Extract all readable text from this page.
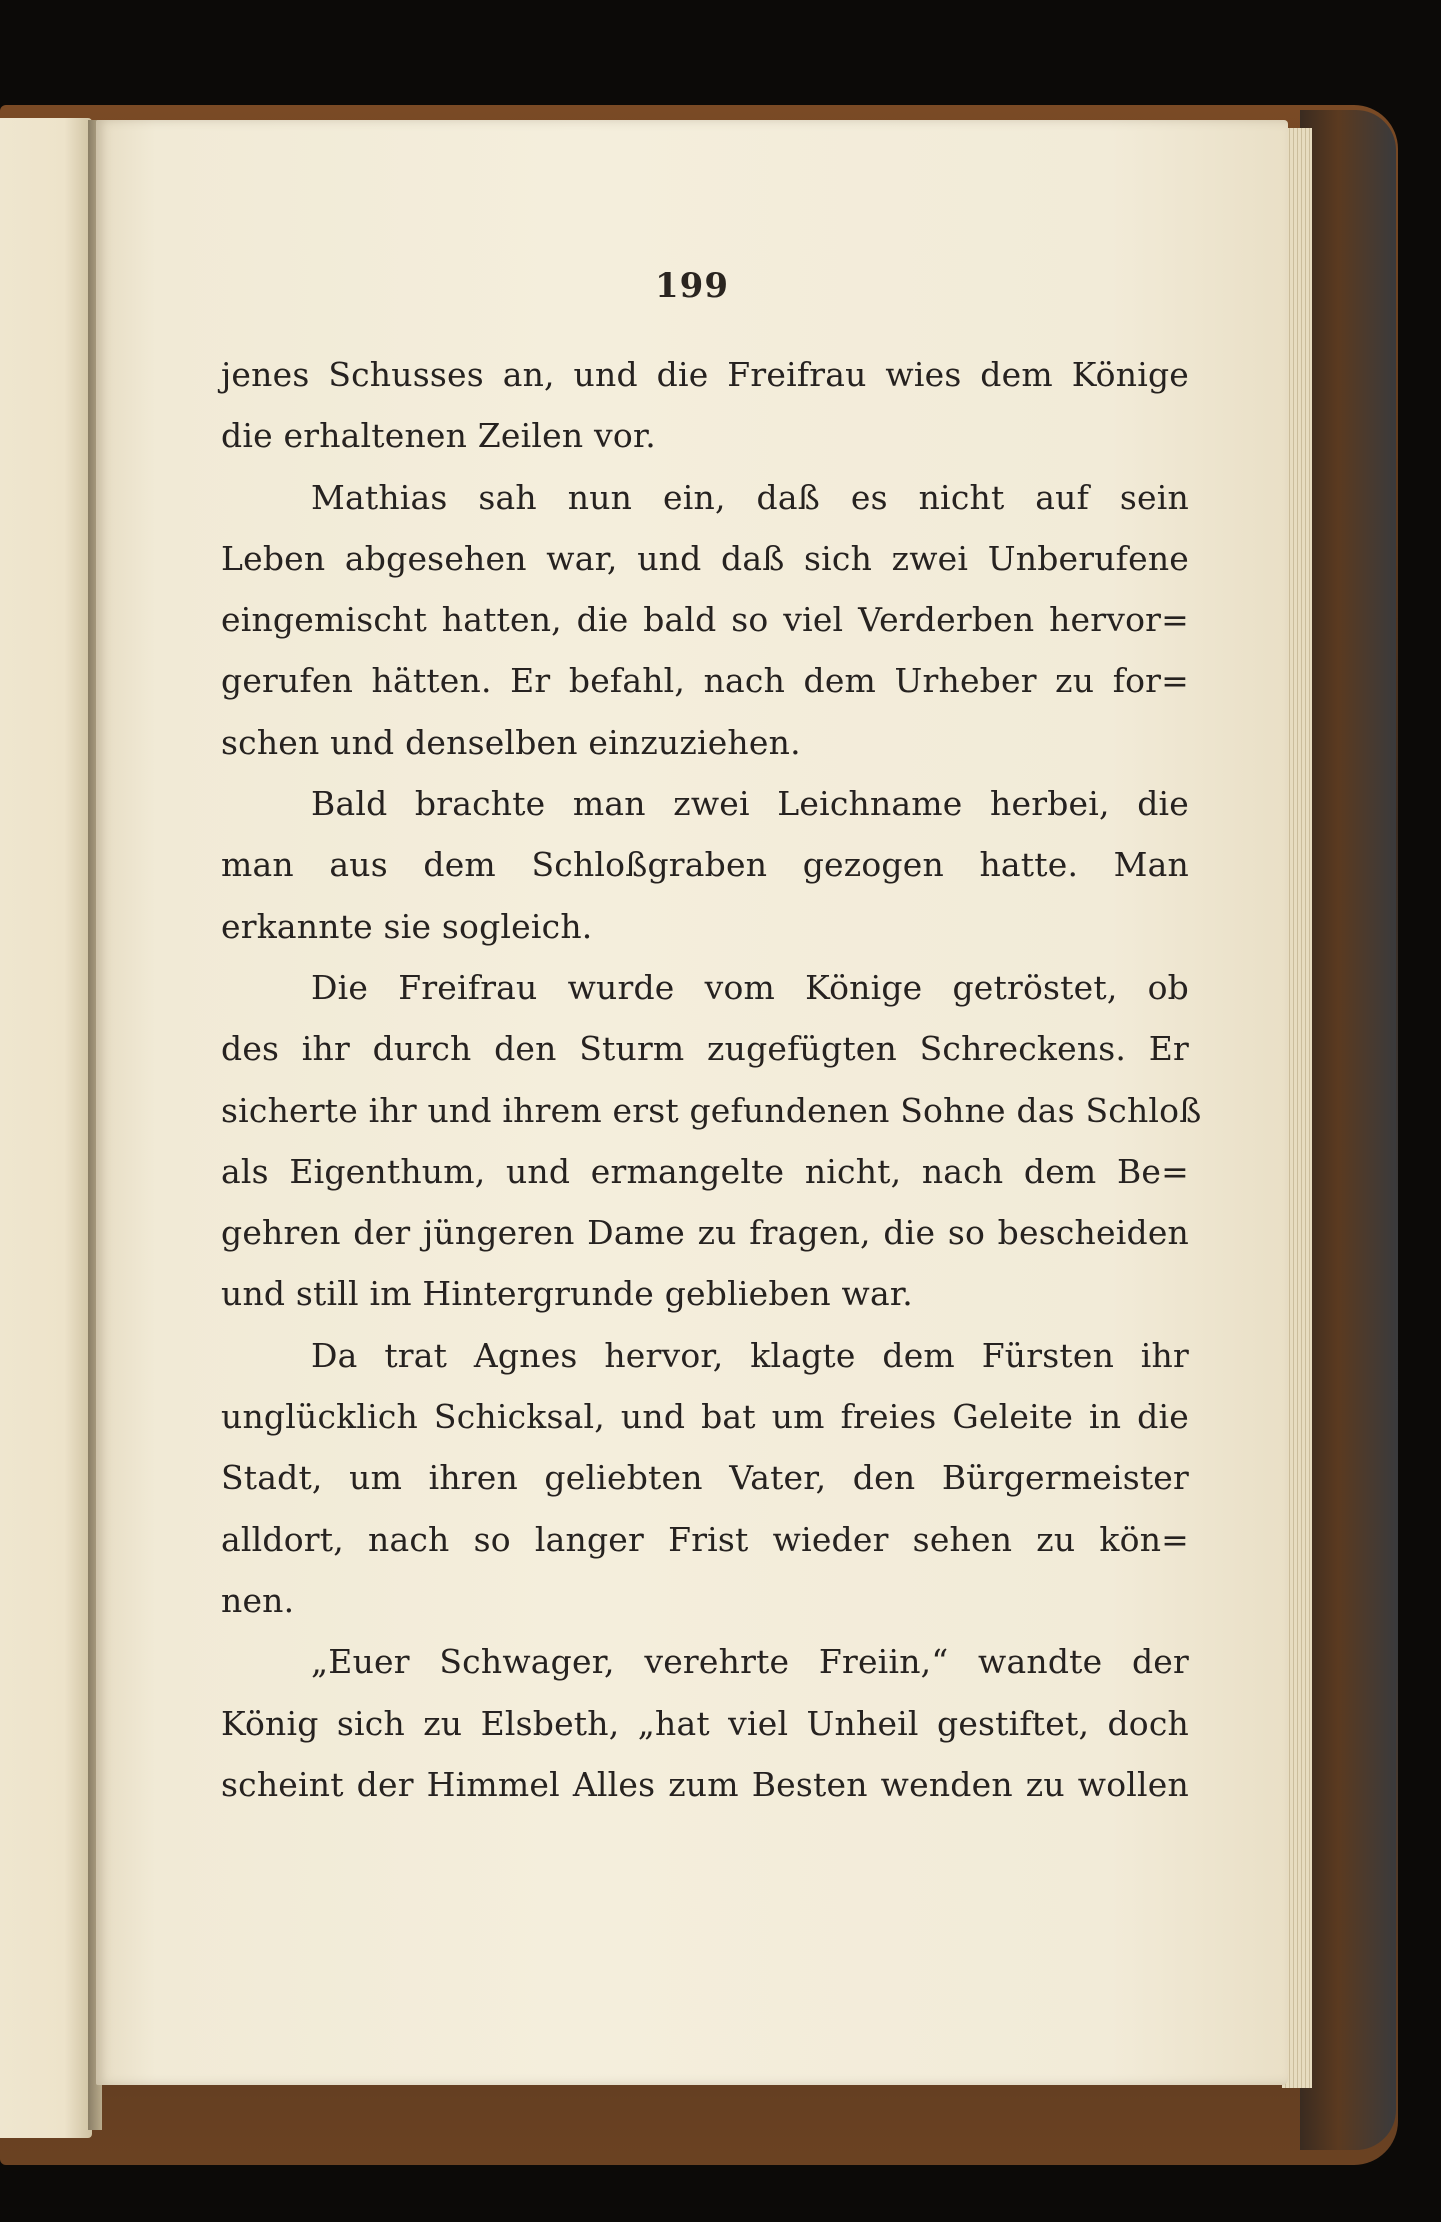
199
jenes Schusses an, und die Freifrau wies dem Könige
die erhaltenen Zeilen vor.
Mathias sah nun ein, daß es nicht auf sein
Leben abgesehen war, und daß sich zwei Unberufene
eingemischt hatten, die bald so viel Verderben hervor=
gerufen hätten. Er befahl, nach dem Urheber zu for=
schen und denselben einzuziehen.
Bald brachte man zwei Leichname herbei, die
man aus dem Schloßgraben gezogen hatte. Man
erkannte sie sogleich.
Die Freifrau wurde vom Könige getröstet, ob
des ihr durch den Sturm zugefügten Schreckens. Er
sicherte ihr und ihrem erst gefundenen Sohne das Schloß
als Eigenthum, und ermangelte nicht, nach dem Be=
gehren der jüngeren Dame zu fragen, die so bescheiden
und still im Hintergrunde geblieben war.
Da trat Agnes hervor, klagte dem Fürsten ihr
unglücklich Schicksal, und bat um freies Geleite in die
Stadt, um ihren geliebten Vater, den Bürgermeister
alldort, nach so langer Frist wieder sehen zu kön=
nen.
„Euer Schwager, verehrte Freiin,“ wandte der
König sich zu Elsbeth, „hat viel Unheil gestiftet, doch
scheint der Himmel Alles zum Besten wenden zu wollen
